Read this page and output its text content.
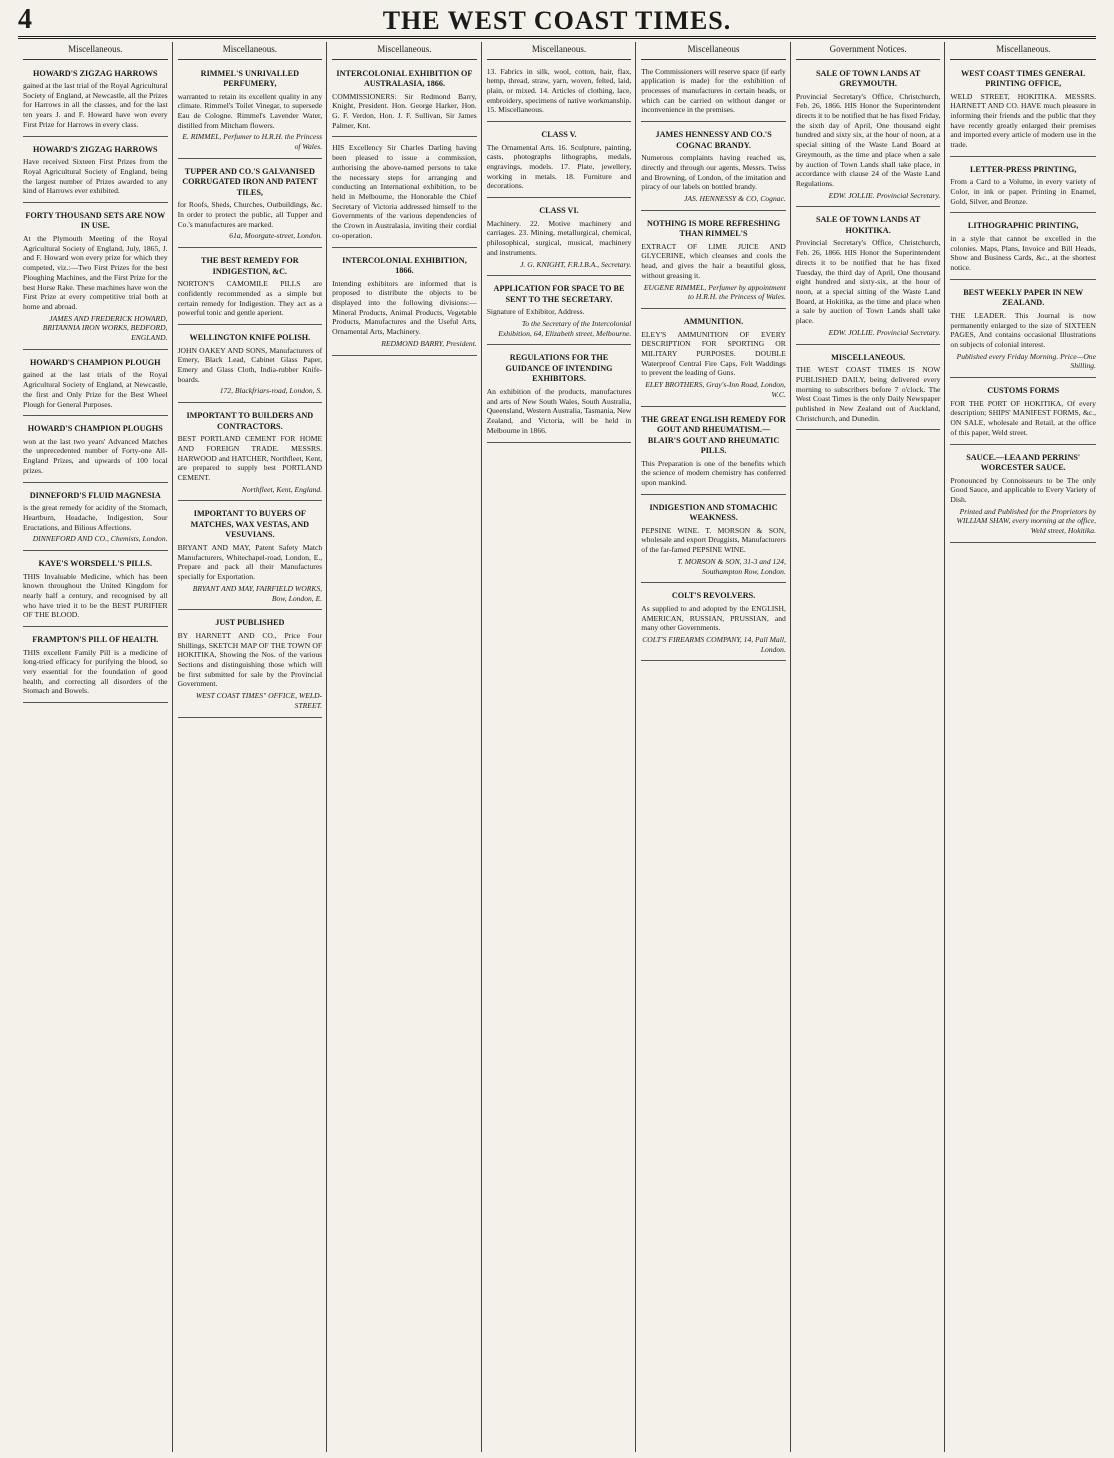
4	THE WEST COAST TIMES.
Miscellaneous.
HOWARD'S ZIGZAG HARROWS

gained at the last trial of the Royal Agricultural Society of England, at Newcastle, all the Prizes for Harrows in all the classes, and for the last ten years J. and F. Howard have won every First Prize for Harrows in every class.

HOWARD'S ZIGZAG HARROWS

Have received Sixteen First Prizes from the Royal Agricultural Society of England, being the largest number of Prizes awarded to any kind of Harrows ever exhibited.

FORTY THOUSAND SETS ARE NOW IN USE.

At the Plymouth Meeting of the Royal Agricultural Society of England, July, 1865, J. and F. Howard won every prize for which they competed, viz.:—Two First Prizes for the best Ploughing Machines, and the First Prize for the best Horse Rake. These machines have won the First Prize at every competitive trial both at home and abroad.

JAMES AND FREDERICK HOWARD, BRITANNIA IRON WORKS, BEDFORD, ENGLAND.

HOWARD'S CHAMPION PLOUGH

gained at the last trials of the Royal Agricultural Society of England, at Newcastle, the first and Only Prize for the Best Wheel Plough for General Purposes.

HOWARD'S CHAMPION PLOUGHS

won at the last two years' Advanced Matches the unprecedented number of Forty-one All-England Prizes, and upwards of 100 local prizes.

DINNEFORD'S FLUID MAGNESIA

is the great remedy for acidity of the Stomach, Heartburn, Headache, Indigestion, Sour Eructations, and Bilious Affections.

DINNEFORD AND CO., Chemists, London.

KAYE'S WORSDELL'S PILLS.

THIS Invaluable Medicine, which has been known throughout the United Kingdom for nearly half a century, and recognised by all who have tried it to be the BEST PURIFIER OF THE BLOOD.

FRAMPTON'S PILL OF HEALTH.

THIS excellent Family Pill is a medicine of long-tried efficacy for purifying the blood, so very essential for the foundation of good health, and correcting all disorders of the Stomach and Bowels.

Miscellaneous.
RIMMEL'S UNRIVALLED PERFUMERY,

warranted to retain its excellent quality in any climate. Rimmel's Toilet Vinegar, to supersede Eau de Cologne. Rimmel's Lavender Water, distilled from Mitcham flowers.

E. RIMMEL, Perfumer to H.R.H. the Princess of Wales.

TUPPER AND CO.'S GALVANISED CORRUGATED IRON AND PATENT TILES,

for Roofs, Sheds, Churches, Outbuildings, &c. In order to protect the public, all Tupper and Co.'s manufactures are marked.

61a, Moorgate-street, London.

THE BEST REMEDY FOR INDIGESTION, &C.

NORTON'S CAMOMILE PILLS are confidently recommended as a simple but certain remedy for Indigestion. They act as a powerful tonic and gentle aperient.

WELLINGTON KNIFE POLISH.

JOHN OAKEY AND SONS, Manufacturers of Emery, Black Lead, Cabinet Glass Paper, Emery and Glass Cloth, India-rubber Knife-boards.

172, Blackfriars-road, London, S.

IMPORTANT TO BUILDERS AND CONTRACTORS.

BEST PORTLAND CEMENT FOR HOME AND FOREIGN TRADE. MESSRS. HARWOOD and HATCHER, Northfleet, Kent, are prepared to supply best PORTLAND CEMENT.

Northfleet, Kent, England.

IMPORTANT TO BUYERS OF MATCHES, WAX VESTAS, AND VESUVIANS.

BRYANT AND MAY, Patent Safety Match Manufacturers, Whitechapel-road, London, E., Prepare and pack all their Manufactures specially for Exportation.

BRYANT AND MAY, FAIRFIELD WORKS, Bow, London, E.

JUST PUBLISHED

BY HARNETT AND CO., Price Four Shillings, SKETCH MAP OF THE TOWN OF HOKITIKA, Showing the Nos. of the various Sections and distinguishing those which will be first submitted for sale by the Provincial Government.

WEST COAST TIMES" OFFICE, WELD-STREET.

Miscellaneous.
INTERCOLONIAL EXHIBITION OF AUSTRALASIA, 1866.

COMMISSIONERS: Sir Redmond Barry, Knight, President. Hon. George Harker, Hon. G. F. Verdon, Hon. J. F. Sullivan, Sir James Palmer, Knt.

HIS Excellency Sir Charles Darling having been pleased to issue a commission, authorising the above-named persons to take the necessary steps for arranging and conducting an International exhibition, to be held in Melbourne, the Honorable the Chief Secretary of Victoria addressed himself to the Governments of the various dependencies of the Crown in Australasia, inviting their cordial co-operation.

INTERCOLONIAL EXHIBITION, 1866.

Intending exhibitors are informed that is proposed to distribute the objects to be displayed into the following divisions:— Mineral Products, Animal Products, Vegetable Products, Manufactures and the Useful Arts, Ornamental Arts, Machinery.

REDMOND BARRY, President.

Miscellaneous.

13. Fabrics in silk, wool, cotton, hair, flax, hemp, thread, straw, yarn, woven, felted, laid, plain, or mixed. 14. Articles of clothing, lace, embroidery, specimens of native workmanship. 15. Miscellaneous.

CLASS V.

The Ornamental Arts. 16. Sculpture, painting, casts, photographs lithographs, medals, engravings, models. 17. Plate, jewellery, working in metals. 18. Furniture and decorations.

CLASS VI.

Machinery. 22. Motive machinery and carriages. 23. Mining, metallurgical, chemical, philosophical, surgical, musical, machinery and instruments.

J. G. KNIGHT, F.R.I.B.A., Secretary.

APPLICATION FOR SPACE TO BE SENT TO THE SECRETARY.

Signature of Exhibitor, Address.

To the Secretary of the Intercolonial Exhibition, 64, Elizabeth street, Melbourne.

REGULATIONS FOR THE GUIDANCE OF INTENDING EXHIBITORS.

An exhibition of the products, manufactures and arts of New South Wales, South Australia, Queensland, Western Australia, Tasmania, New Zealand, and Victoria, will be held in Melbourne in 1866.

Miscellaneous

The Commissioners will reserve space (if early application is made) for the exhibition of processes of manufactures in certain heads, or which can be carried on without danger or inconvenience in the premises.

JAMES HENNESSY AND CO.'S COGNAC BRANDY.

Numerous complaints having reached us, directly and through our agents, Messrs. Twiss and Browning, of London, of the imitation and piracy of our labels on bottled brandy.

JAS. HENNESSY & CO, Cognac.

NOTHING IS MORE REFRESHING THAN RIMMEL'S

EXTRACT OF LIME JUICE AND GLYCERINE, which cleanses and cools the head, and gives the hair a beautiful gloss, without greasing it.

EUGENE RIMMEL, Perfumer by appointment to H.R.H. the Princess of Wales.

AMMUNITION.

ELEY'S AMMUNITION OF EVERY DESCRIPTION FOR SPORTING OR MILITARY PURPOSES. DOUBLE Waterproof Central Fire Caps, Felt Waddings to prevent the leading of Guns.

ELEY BROTHERS, Gray's-Inn Road, London, W.C.

THE GREAT ENGLISH REMEDY FOR GOUT AND RHEUMATISM.—BLAIR'S GOUT AND RHEUMATIC PILLS.

This Preparation is one of the benefits which the science of modern chemistry has conferred upon mankind.

INDIGESTION AND STOMACHIC WEAKNESS.

PEPSINE WINE. T. MORSON & SON, wholesale and export Druggists, Manufacturers of the far-famed PEPSINE WINE.

T. MORSON & SON, 31-3 and 124, Southampton Row, London.

COLT'S REVOLVERS.

As supplied to and adopted by the ENGLISH, AMERICAN, RUSSIAN, PRUSSIAN, and many other Governments.

COLT'S FIREARMS COMPANY, 14, Pall Mall, London.

Government Notices.
SALE OF TOWN LANDS AT GREYMOUTH.

Provincial Secretary's Office, Christchurch, Feb. 26, 1866. HIS Honor the Superintendent directs it to be notified that he has fixed Friday, the sixth day of April, One thousand eight hundred and sixty six, at the hour of noon, at a special sitting of the Waste Land Board at Greymouth, as the time and place when a sale by auction of Town Lands shall take place, in accordance with clause 24 of the Waste Land Regulations.

EDW. JOLLIE. Provincial Secretary.

SALE OF TOWN LANDS AT HOKITIKA.

Provincial Secretary's Office, Christchurch, Feb. 26, 1866. HIS Honor the Superintendent directs it to be notified that he has fixed Tuesday, the third day of April, One thousand eight hundred and sixty-six, at the hour of noon, at a special sitting of the Waste Land Board, at Hokitika, as the time and place when a sale by auction of Town Lands shall take place.

EDW. JOLLIE. Provincial Secretary.

MISCELLANEOUS.

THE WEST COAST TIMES IS NOW PUBLISHED DAILY, being delivered every morning to subscribers before 7 o'clock. The West Coast Times is the only Daily Newspaper published in New Zealand out of Auckland, Christchurch, and Dunedin.

Miscellaneous.
WEST COAST TIMES GENERAL PRINTING OFFICE,

WELD STREET, HOKITIKA. MESSRS. HARNETT AND CO. HAVE much pleasure in informing their friends and the public that they have recently greatly enlarged their premises and imported every article of modern use in the trade.

LETTER-PRESS PRINTING,

From a Card to a Volume, in every variety of Color, in ink or paper. Printing in Enamel, Gold, Silver, and Bronze.

LITHOGRAPHIC PRINTING,

in a style that cannot be excelled in the colonies. Maps, Plans, Invoice and Bill Heads, Show and Business Cards, &c., at the shortest notice.

BEST WEEKLY PAPER IN NEW ZEALAND.

THE LEADER. This Journal is now permanently enlarged to the size of SIXTEEN PAGES, And contains occasional Illustrations on subjects of colonial interest.

Published every Friday Morning. Price—One Shilling.

CUSTOMS FORMS

FOR THE PORT OF HOKITIKA, Of every description; SHIPS' MANIFEST FORMS, &c., ON SALE, wholesale and Retail, at the office of this paper, Weld street.

SAUCE.—LEA AND PERRINS' WORCESTER SAUCE.

Pronounced by Connoisseurs to be The only Good Sauce, and applicable to Every Variety of Dish.

Printed and Published for the Proprietors by WILLIAM SHAW, every morning at the office, Weld street, Hokitika.
